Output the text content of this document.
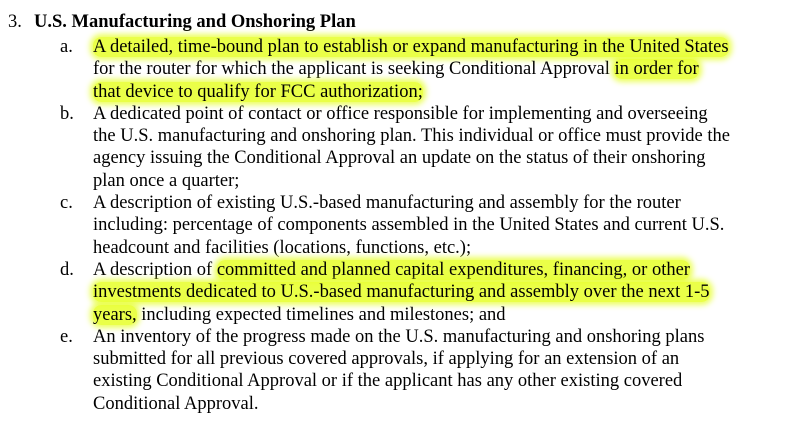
3. U.S. Manufacturing and Onshoring Plan
a.	A detailed, time-bound plan to establish or expand manufacturing in the United States
for the router for which the applicant is seeking Conditional Approval in order for
that device to qualify for FCC authorization;
b.	A dedicated point of contact or office responsible for implementing and overseeing
the U.S. manufacturing and onshoring plan. This individual or office must provide the
agency issuing the Conditional Approval an update on the status of their onshoring
plan once a quarter;
c.	A description of existing U.S.-based manufacturing and assembly for the router
including: percentage of components assembled in the United States and current U.S.
headcount and facilities (locations, functions, etc.);
d.	A description of committed and planned capital expenditures, financing, or other
investments dedicated to U.S.-based manufacturing and assembly over the next 1-5
years, including expected timelines and milestones; and
e.	An inventory of the progress made on the U.S. manufacturing and onshoring plans
submitted for all previous covered approvals, if applying for an extension of an
existing Conditional Approval or if the applicant has any other existing covered
Conditional Approval.
